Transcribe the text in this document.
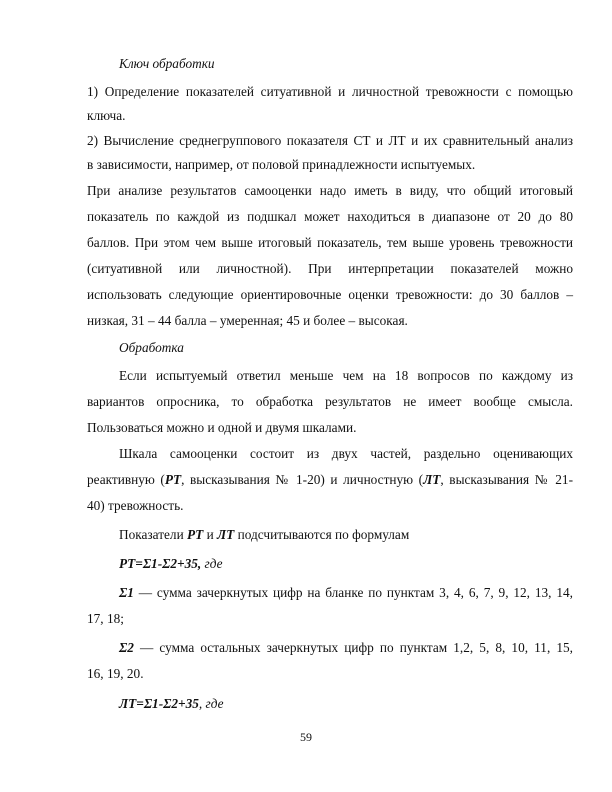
Ключ обработки
1) Определение показателей ситуативной и личностной тревожности с помощью
ключа.
2) Вычисление среднегруппового показателя СТ и ЛТ и их сравнительный анализ
в зависимости, например, от половой принадлежности испытуемых.
При анализе результатов самооценки надо иметь в виду, что общий итоговый
показатель по каждой из подшкал может находиться в диапазоне от 20 до 80
баллов. При этом чем выше итоговый показатель, тем выше уровень тревожности
(ситуативной или личностной). При интерпретации показателей можно
использовать следующие ориентировочные оценки тревожности: до 30 баллов –
низкая, 31 – 44 балла – умеренная; 45 и более – высокая.
Обработка
Если испытуемый ответил меньше чем на 18 вопросов по каждому из
вариантов опросника, то обработка результатов не имеет вообще смысла.
Пользоваться можно и одной и двумя шкалами.
Шкала самооценки состоит из двух частей, раздельно оценивающих
реактивную (РТ, высказывания № 1-20) и личностную (ЛТ, высказывания № 21-
40) тревожность.
Показатели РТ и ЛТ подсчитываются по формулам
РТ=Σ1-Σ2+35, где
Σ1 — сумма зачеркнутых цифр на бланке по пунктам 3, 4, 6, 7, 9, 12, 13, 14,
17, 18;
Σ2 — сумма остальных зачеркнутых цифр по пунктам 1,2, 5, 8, 10, 11, 15,
16, 19, 20.
ЛТ=Σ1-Σ2+35, где
59
